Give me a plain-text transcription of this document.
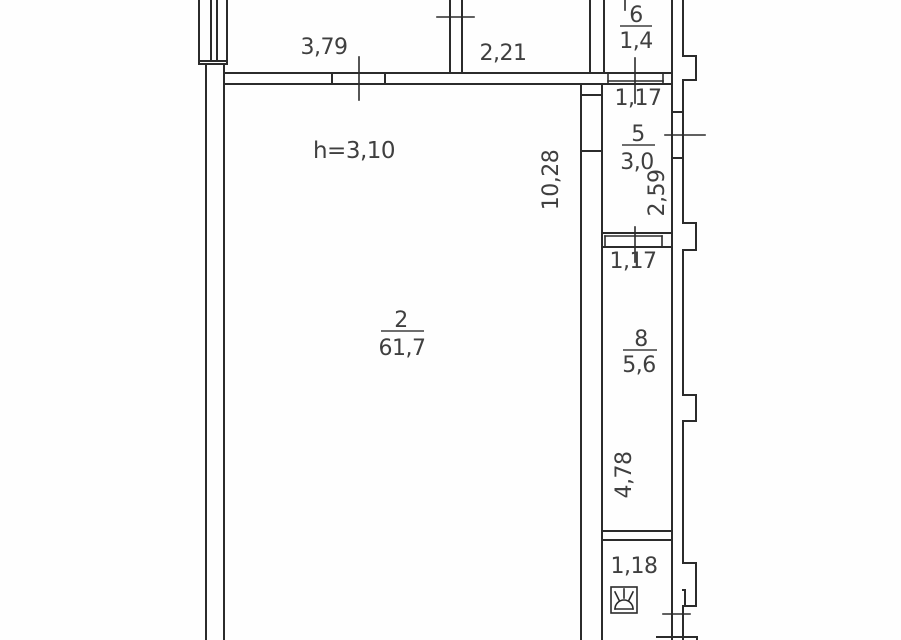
3,79	2,21
6
1,4
1,17
5
3,0
2,59
1,17
8
5,6
4,78
1,18
10,28
h=3,10
2
61,7
